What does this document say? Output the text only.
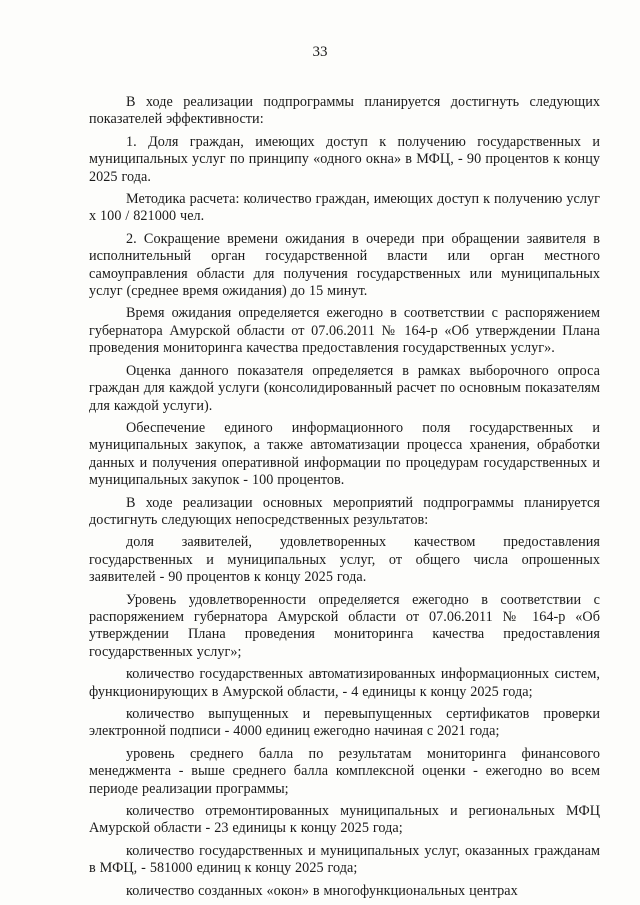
33

В ходе реализации подпрограммы планируется достигнуть следующих показателей эффективности:

1. Доля граждан, имеющих доступ к получению государственных и муниципальных услуг по принципу «одного окна» в МФЦ, - 90 процентов к концу 2025 года.

Методика расчета: количество граждан, имеющих доступ к получению услуг х 100 / 821000 чел.

2. Сокращение времени ожидания в очереди при обращении заявителя в исполнительный орган государственной власти или орган местного самоуправления области для получения государственных или муниципальных услуг (среднее время ожидания) до 15 минут.

Время ожидания определяется ежегодно в соответствии с распоряжением губернатора Амурской области от 07.06.2011 № 164-р «Об утверждении Плана проведения мониторинга качества предоставления государственных услуг».

Оценка данного показателя определяется в рамках выборочного опроса граждан для каждой услуги (консолидированный расчет по основным показателям для каждой услуги).

Обеспечение единого информационного поля государственных и муниципальных закупок, а также автоматизации процесса хранения, обработки данных и получения оперативной информации по процедурам государственных и муниципальных закупок - 100 процентов.

В ходе реализации основных мероприятий подпрограммы планируется достигнуть следующих непосредственных результатов:

доля заявителей, удовлетворенных качеством предоставления государственных и муниципальных услуг, от общего числа опрошенных заявителей - 90 процентов к концу 2025 года.

Уровень удовлетворенности определяется ежегодно в соответствии с распоряжением губернатора Амурской области от 07.06.2011 № 164-р «Об утверждении Плана проведения мониторинга качества предоставления государственных услуг»;

количество государственных автоматизированных информационных систем, функционирующих в Амурской области, - 4 единицы к концу 2025 года;

количество выпущенных и перевыпущенных сертификатов проверки электронной подписи - 4000 единиц ежегодно начиная с 2021 года;

уровень среднего балла по результатам мониторинга финансового менеджмента - выше среднего балла комплексной оценки - ежегодно во всем периоде реализации программы;

количество отремонтированных муниципальных и региональных МФЦ Амурской области - 23 единицы к концу 2025 года;

количество государственных и муниципальных услуг, оказанных гражданам в МФЦ, - 581000 единиц к концу 2025 года;

количество созданных «окон» в многофункциональных центрах
